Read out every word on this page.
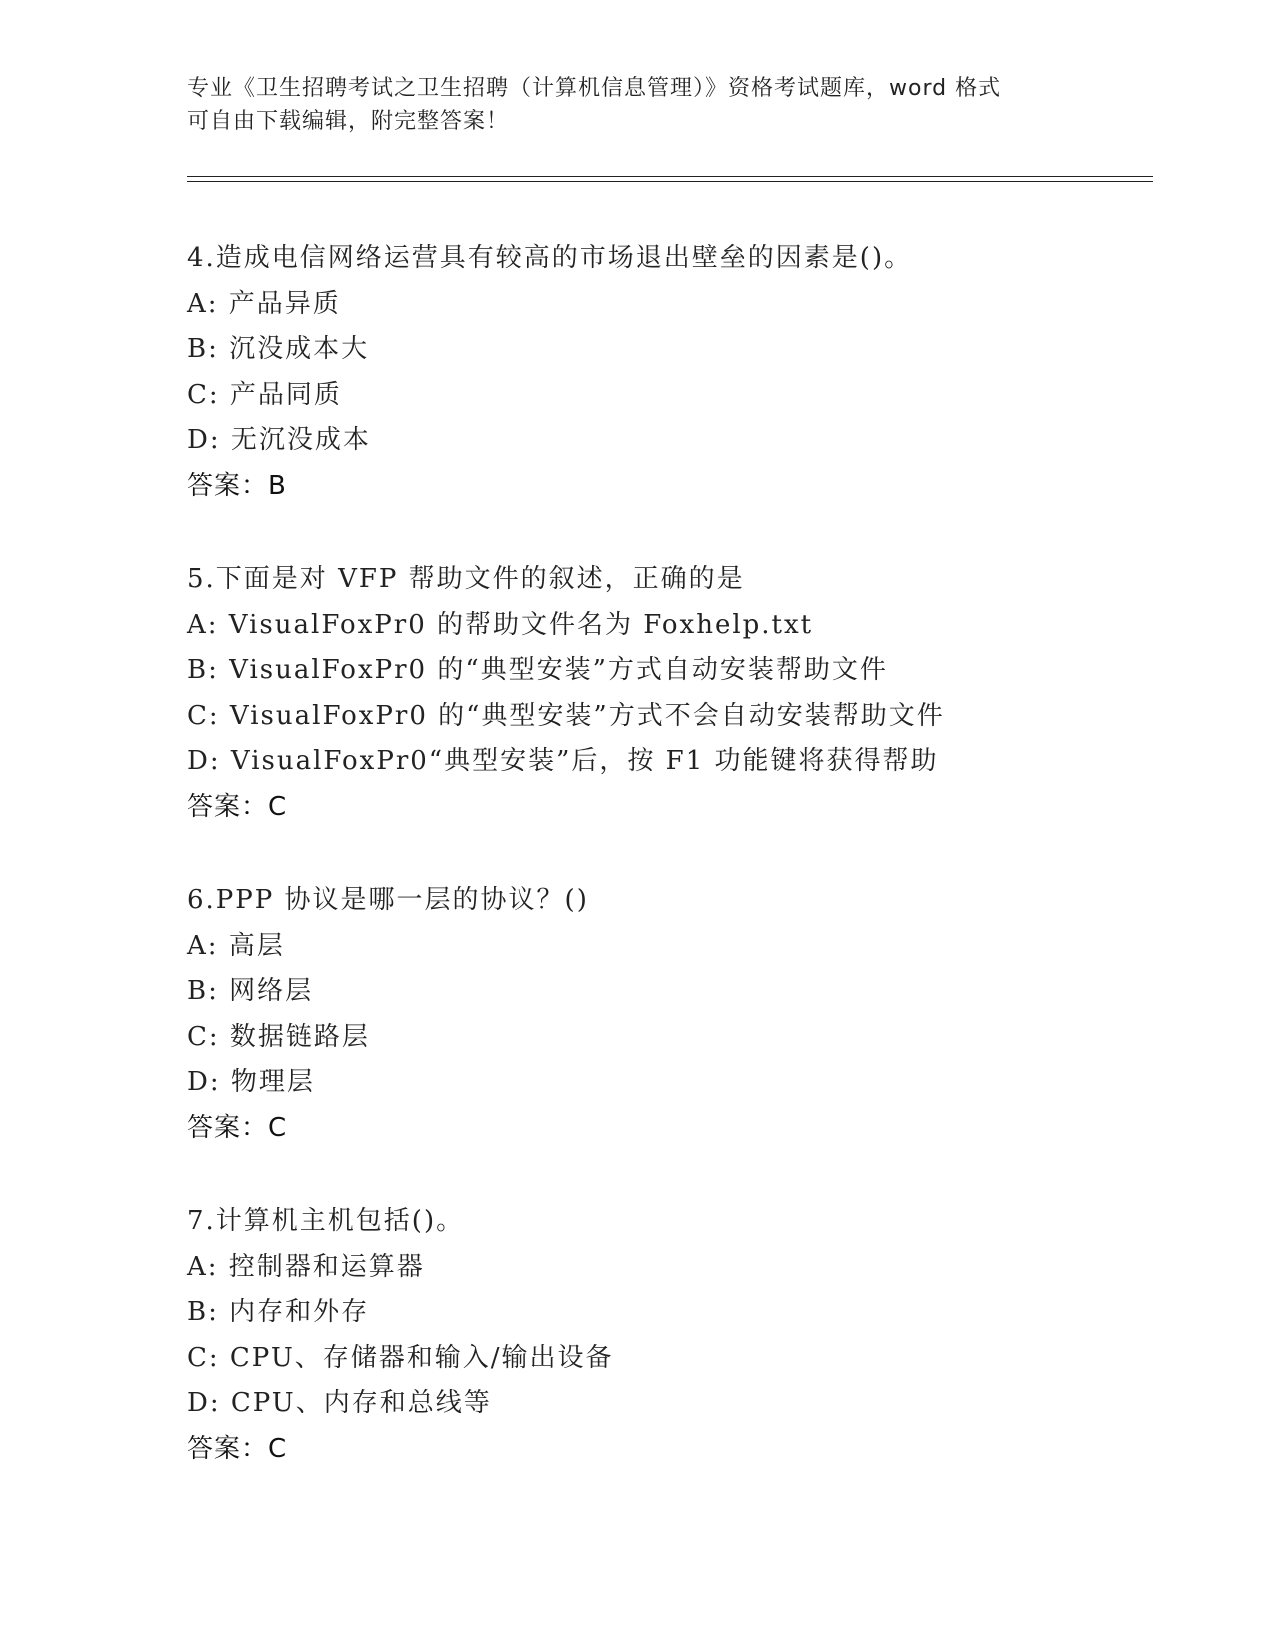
专业《卫生招聘考试之卫生招聘（计算机信息管理）》资格考试题库，word 格式
可自由下载编辑，附完整答案！
4.造成电信网络运营具有较高的市场退出壁垒的因素是()。
A: 产品异质
B: 沉没成本大
C: 产品同质
D: 无沉没成本
答案：B
5.下面是对 VFP 帮助文件的叙述，正确的是
A: VisualFoxPr0 的帮助文件名为 Foxhelp.txt
B: VisualFoxPr0 的“典型安装”方式自动安装帮助文件
C: VisualFoxPr0 的“典型安装”方式不会自动安装帮助文件
D: VisualFoxPr0“典型安装”后，按 F1 功能键将获得帮助
答案：C
6.PPP 协议是哪一层的协议？()
A: 高层
B: 网络层
C: 数据链路层
D: 物理层
答案：C
7.计算机主机包括()。
A: 控制器和运算器
B: 内存和外存
C: CPU、存储器和输入/输出设备
D: CPU、内存和总线等
答案：C
